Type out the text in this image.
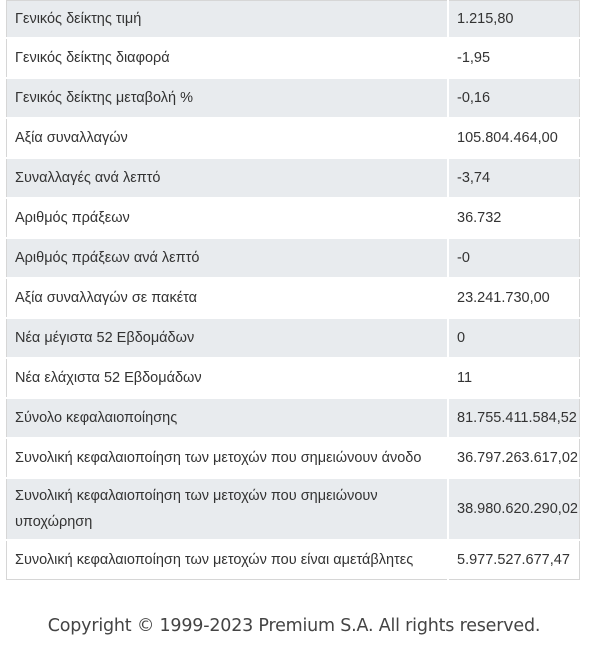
Γενικός δείκτης τιμή	1.215,80
Γενικός δείκτης διαφορά	-1,95
Γενικός δείκτης μεταβολή %	-0,16
Αξία συναλλαγών	105.804.464,00
Συναλλαγές ανά λεπτό	-3,74
Αριθμός πράξεων	36.732
Αριθμός πράξεων ανά λεπτό	-0
Αξία συναλλαγών σε πακέτα	23.241.730,00
Νέα μέγιστα 52 Εβδομάδων	0
Νέα ελάχιστα 52 Εβδομάδων	11
Σύνολο κεφαλαιοποίησης	81.755.411.584,52
Συνολική κεφαλαιοποίηση των μετοχών που σημειώνουν άνοδο	36.797.263.617,02
Συνολική κεφαλαιοποίηση των μετοχών που σημειώνουν υποχώρηση	38.980.620.290,02
Συνολική κεφαλαιοποίηση των μετοχών που είναι αμετάβλητες	5.977.527.677,47
Copyright © 1999-2023 Premium S.A. All rights reserved.
